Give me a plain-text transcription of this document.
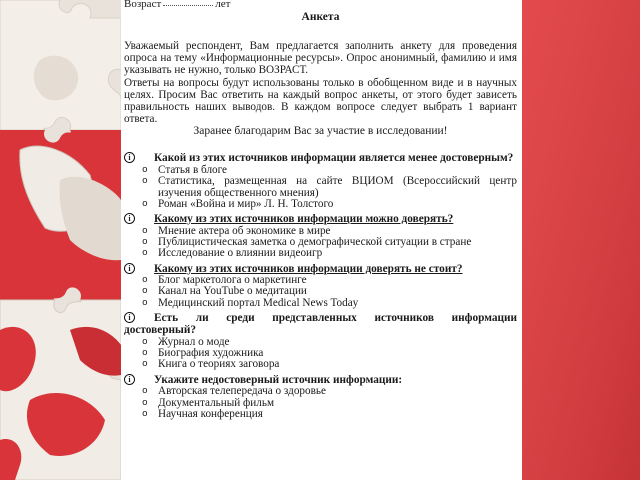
Возраст	лет
Анкета

Уважаемый респондент, Вам предлагается заполнить анкету для проведения опроса на тему «Информационные ресурсы». Опрос анонимный, фамилию и имя указывать не нужно, только ВОЗРАСТ.

Ответы на вопросы будут использованы только в обобщенном виде и в научных целях. Просим Вас ответить на каждый вопрос анкеты, от этого будет зависеть правильность наших выводов. В каждом вопросе следует выбрать 1 вариант ответа.

Заранее благодарим Вас за участие в исследовании!
i	Какой из этих источников информации является менее достоверным?
o Статья в блоге
o Статистика, размещенная на сайте ВЦИОМ (Всероссийский центр изучения общественного мнения)
o Роман «Война и мир» Л. Н. Толстого
i	Какому из этих источников информации можно доверять?
o Мнение актера об экономике в мире
o Публицистическая заметка о демографической ситуации в стране
o Исследование о влиянии видеоигр
i	Какому из этих источников информации доверять не стоит?
o Блог маркетолога о маркетинге
o Канал на YouTube о медитации
o Медицинский портал Medical News Today
i	Есть ли среди представленных источников информации достоверный?
o Журнал о моде
o Биография художника
o Книга о теориях заговора
i	Укажите недостоверный источник информации:
o Авторская телепередача о здоровье
o Документальный фильм
o Научная конференция
